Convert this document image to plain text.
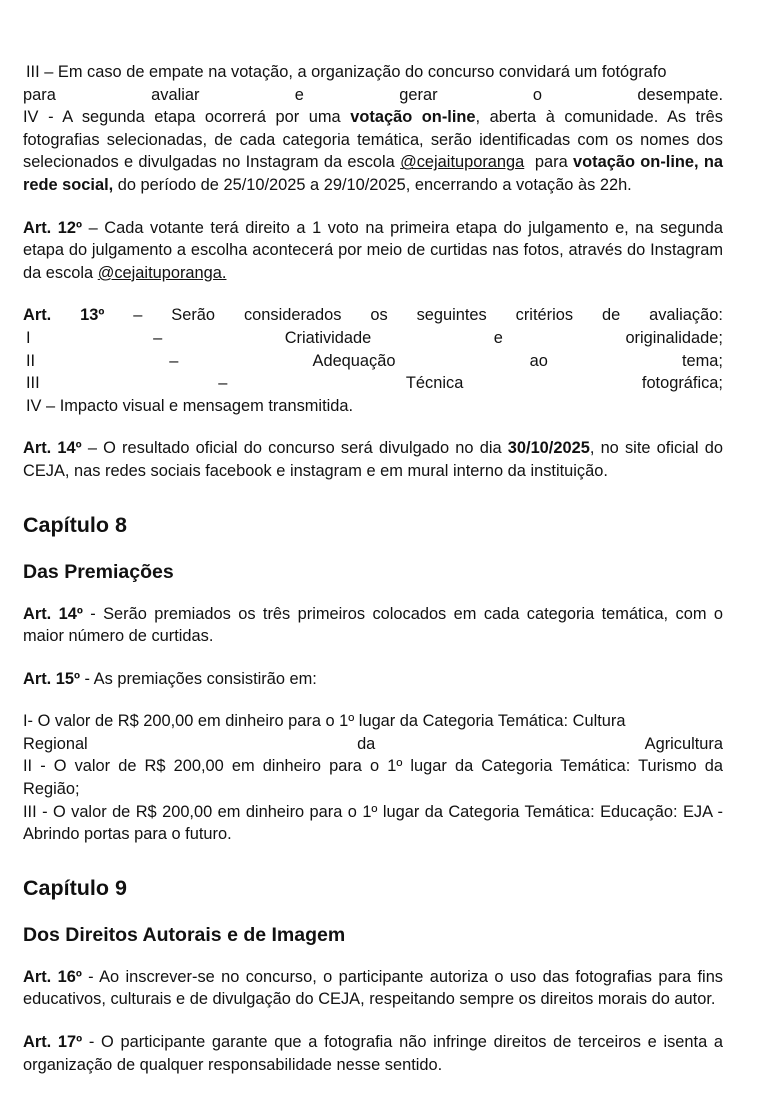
III – Em caso de empate na votação, a organização do concurso convidará um fotógrafo

para	avaliar	e	gerar	o	desempate.

IV - A segunda etapa ocorrerá por uma votação on-line, aberta à comunidade. As três fotografias selecionadas, de cada categoria temática, serão identificadas com os nomes dos selecionados e divulgadas no Instagram da escola @cejaituporanga  para votação on-line, na rede social, do período de 25/10/2025 a 29/10/2025, encerrando a votação às 22h.

Art. 12º – Cada votante terá direito a 1 voto na primeira etapa do julgamento e, na segunda etapa do julgamento a escolha acontecerá por meio de curtidas nas fotos, através do Instagram da escola @cejaituporanga.

Art. 13º – Serão considerados os seguintes critérios de avaliação:

I	–	Criatividade	e	originalidade;

II	–	Adequação	ao	tema;

III	–	Técnica	fotográfica;

IV – Impacto visual e mensagem transmitida.

Art. 14º – O resultado oficial do concurso será divulgado no dia 30/10/2025, no site oficial do CEJA, nas redes sociais facebook e instagram e em mural interno da instituição.

Capítulo 8
Das Premiações

Art. 14º - Serão premiados os três primeiros colocados em cada categoria temática, com o maior número de curtidas.

Art. 15º - As premiações consistirão em:

I- O valor de R$ 200,00 em dinheiro para o 1º lugar da Categoria Temática: Cultura

Regional	da	Agricultura

II - O valor de R$ 200,00 em dinheiro para o 1º lugar da Categoria Temática: Turismo da Região;

III - O valor de R$ 200,00 em dinheiro para o 1º lugar da Categoria Temática: Educação: EJA - Abrindo portas para o futuro.

Capítulo 9
Dos Direitos Autorais e de Imagem

Art. 16º - Ao inscrever-se no concurso, o participante autoriza o uso das fotografias para fins educativos, culturais e de divulgação do CEJA, respeitando sempre os direitos morais do autor.

Art. 17º - O participante garante que a fotografia não infringe direitos de terceiros e isenta a organização de qualquer responsabilidade nesse sentido.
